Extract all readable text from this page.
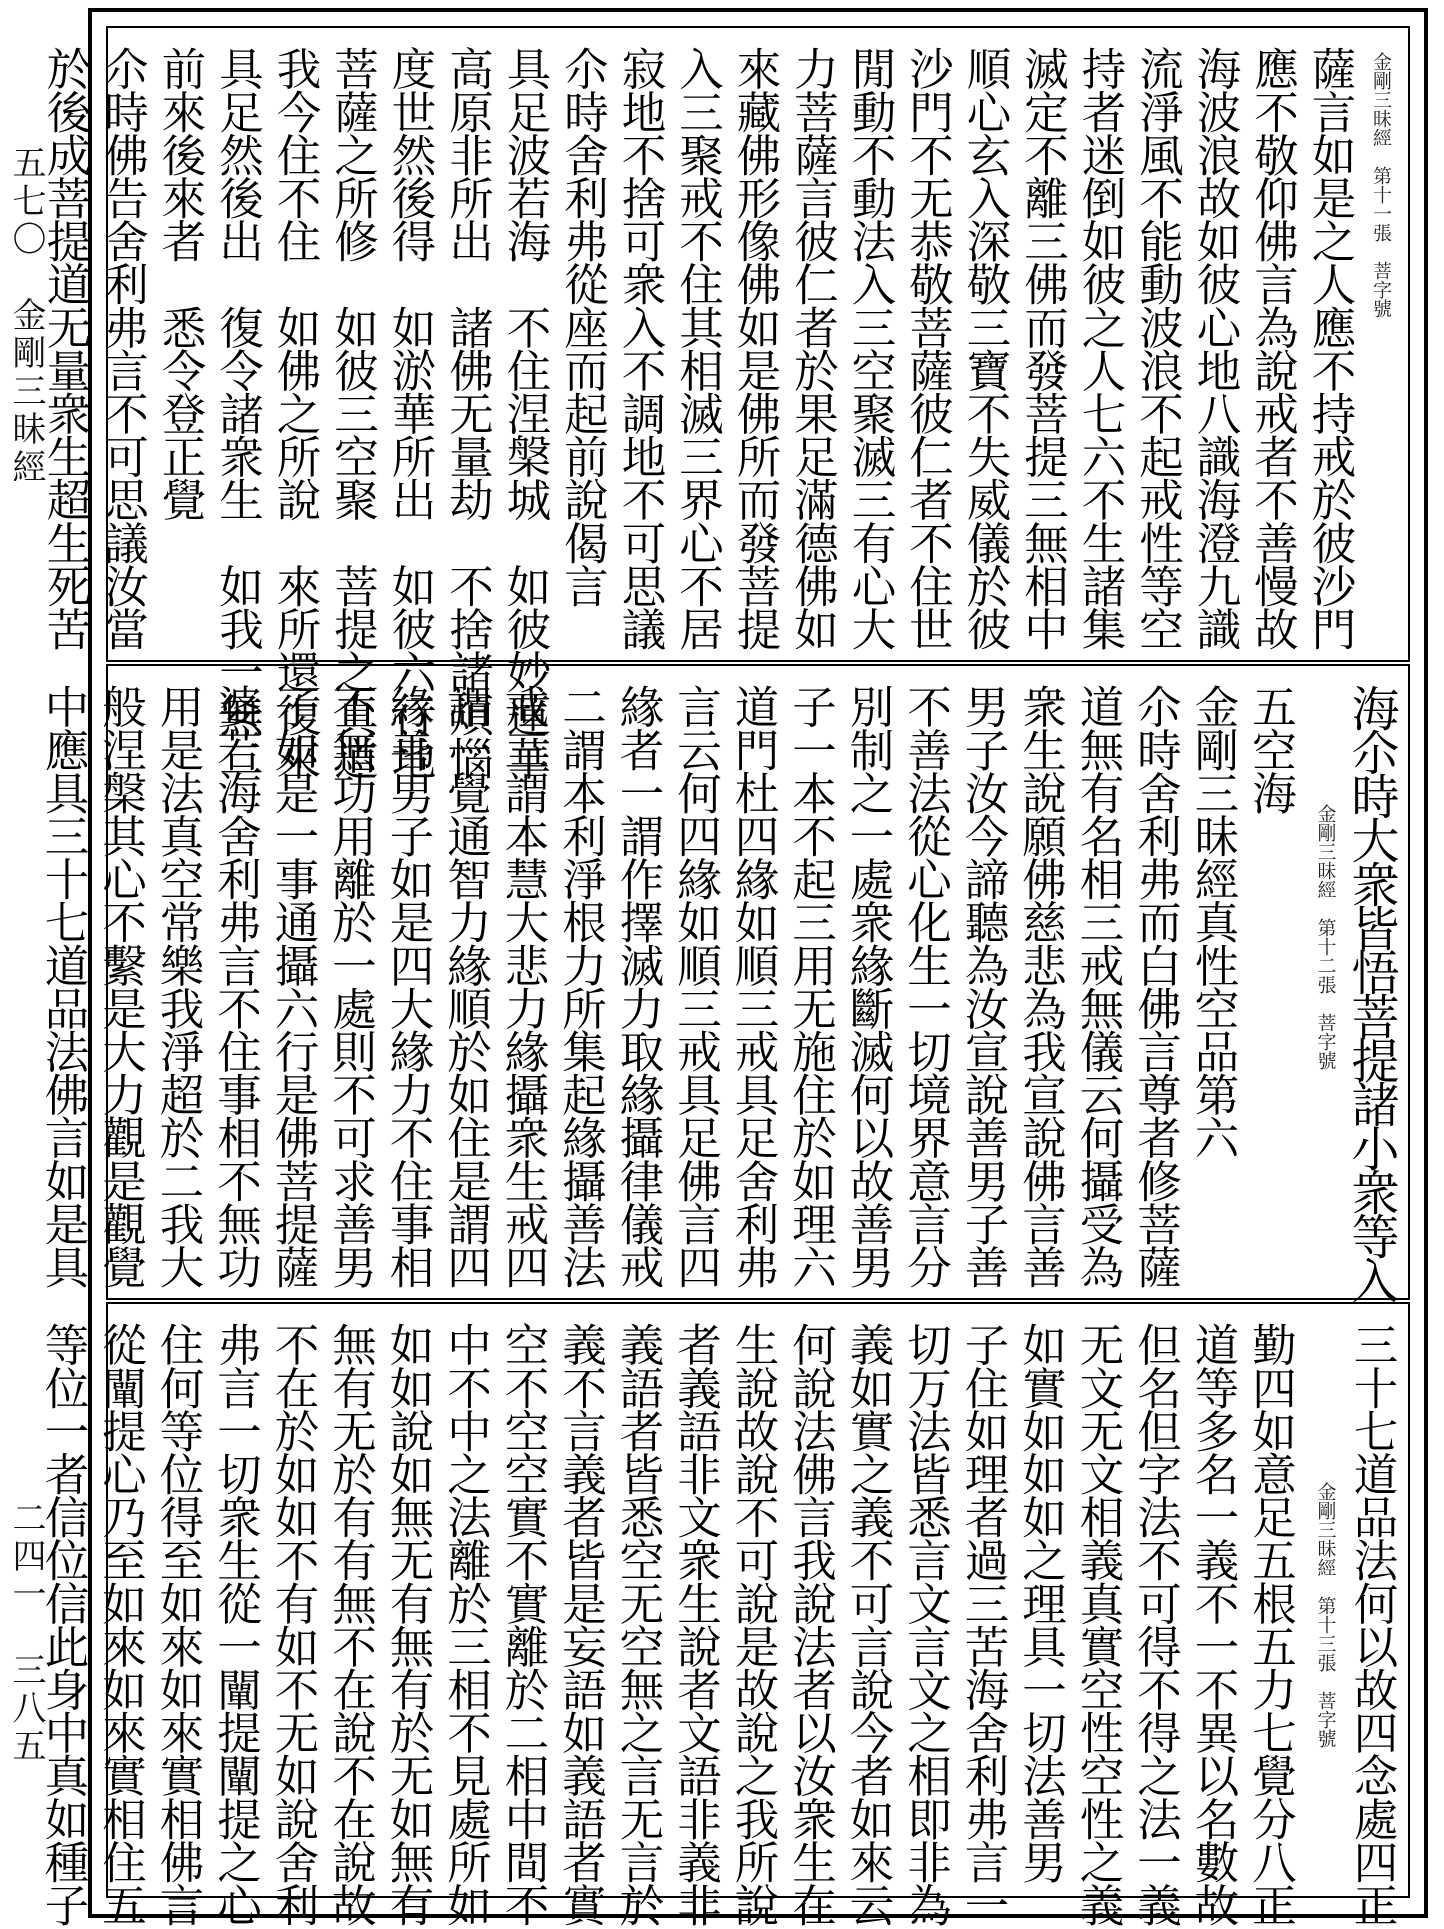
五七〇　金剛三昧經
二四一　三八五
金剛三昧經　第十一張　菩字號
薩言如是之人應不持戒於彼沙門
應不敬仰佛言為說戒者不善慢故
海波浪故如彼心地八識海澄九識
流淨風不能動波浪不起戒性等空
持者迷倒如彼之人七六不生諸集
滅定不離三佛而發菩提三無相中
順心玄入深敬三寶不失威儀於彼
沙門不无恭敬菩薩彼仁者不住世
閒動不動法入三空聚滅三有心大
力菩薩言彼仁者於果足滿德佛如
來藏佛形像佛如是佛所而發菩提
入三聚戒不住其相滅三界心不居
寂地不捨可衆入不調地不可思議
尒時舍利弗從座而起前說偈言
具足波若海　不住涅槃城　如彼妙蓮華
高原非所出　諸佛无量劫　不捨諸煩惱
度世然後得　如淤華所出　如彼六行地
菩薩之所修　如彼三空聚　菩提之真道
我今住不住　如佛之所說　來所還復來
具足然後出　復令諸衆生　如我一無二
前來後來者　悉令登正覺
尒時佛告舍利弗言不可思議汝當
於後成菩提道无量衆生超生死苦
海尒時大衆皆悟菩提諸小衆等入
金剛三昧經　第十二張　菩字號
五空海
金剛三昧經真性空品第六
尒時舍利弗而白佛言尊者修菩薩
道無有名相三戒無儀云何攝受為
衆生說願佛慈悲為我宣說佛言善
男子汝今諦聽為汝宣說善男子善
不善法從心化生一切境界意言分
別制之一處衆緣斷滅何以故善男
子一本不起三用无施住於如理六
道門杜四緣如順三戒具足舍利弗
言云何四緣如順三戒具足佛言四
緣者一謂作擇滅力取緣攝律儀戒
二謂本利淨根力所集起緣攝善法
戒三謂本慧大悲力緣攝衆生戒四
謂一覺通智力緣順於如住是謂四
緣善男子如是四大緣力不住事相
不無功用離於一處則不可求善男
子如是一事通攝六行是佛菩提薩
婆若海舍利弗言不住事相不無功
用是法真空常樂我淨超於二我大
般涅槃其心不繫是大力觀是觀覺
中應具三十七道品法佛言如是具
三十七道品法何以故四念處四正
金剛三昧經　第十三張　菩字號
勤四如意足五根五力七覺分八正
道等多名一義不一不異以名數故
但名但字法不可得不得之法一義
无文无文相義真實空性空性之義
如實如如如之理具一切法善男
子住如理者過三苦海舍利弗言一
切万法皆悉言文言文之相即非為
義如實之義不可言說今者如來云
何說法佛言我說法者以汝衆生在
生說故說不可說是故說之我所說
者義語非文衆生說者文語非義非
義語者皆悉空无空無之言无言於
義不言義者皆是妄語如義語者實
空不空空實不實離於二相中間不
中不中之法離於三相不見處所如
如如說如無无有無有於无如無有
無有无於有有無不在說不在說故
不在於如如不有如不无如說舍利
弗言一切衆生從一闡提闡提之心
住何等位得至如來如來實相佛言
從闡提心乃至如來如來實相住五
等位一者信位信此身中真如種子
